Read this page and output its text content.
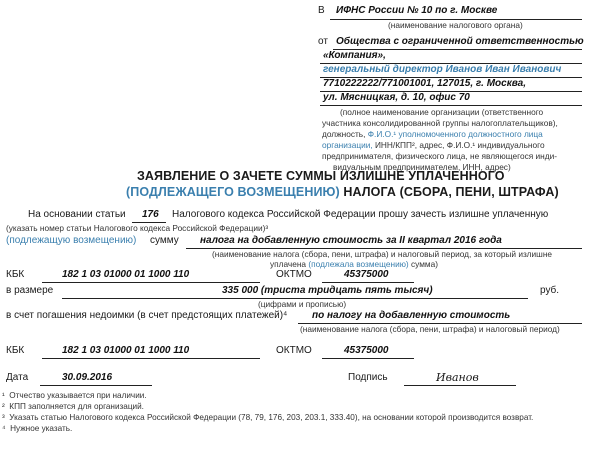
В ИФНС России № 10 по г. Москве
(наименование налогового органа)
от Общества с ограниченной ответственностью
«Компания»,
генеральный директор Иванов Иван Иванович
7710222222/771001001, 127015, г. Москва,
ул. Мясницкая, д. 10, офис 70
(полное наименование организации (ответственного
участника консолидированной группы налогоплательщиков),
должность, Ф.И.О.¹ уполномоченного должностного лица
организации, ИНН/КПП², адрес, Ф.И.О.¹ индивидуального
предпринимателя, физического лица, не являющегося инди-
видуальным предпринимателем, ИНН, адрес)
ЗАЯВЛЕНИЕ О ЗАЧЕТЕ СУММЫ ИЗЛИШНЕ УПЛАЧЕННОГО
(ПОДЛЕЖАЩЕГО ВОЗМЕЩЕНИЮ) НАЛОГА (СБОРА, ПЕНИ, ШТРАФА)
На основании статьи 176 Налогового кодекса Российской Федерации прошу зачесть излишне уплаченную
(указать номер статьи Налогового кодекса Российской Федерации)³
(подлежащую возмещению) сумму налога на добавленную стоимость за II квартал 2016 года
(наименование налога (сбора, пени, штрафа) и налоговый период, за который излишне
уплачена (подлежала возмещению) сумма)
КБК	182 1 03 01000 01 1000 110	ОКТМО	45375000
в размере	335 000 (триста тридцать пять тысяч)	руб.
(цифрами и прописью)
в счет погашения недоимки (в счет предстоящих платежей)⁴ по налогу на добавленную стоимость
(наименование налога (сбора, пени, штрафа) и налоговый период)
КБК	182 1 03 01000 01 1000 110	ОКТМО	45375000
Дата	30.09.2016	Подпись	Иванов
¹ Отчество указывается при наличии.
² КПП заполняется для организаций.
³ Указать статью Налогового кодекса Российской Федерации (78, 79, 176, 203, 203.1, 333.40), на основании которой производится возврат.
⁴ Нужное указать.
